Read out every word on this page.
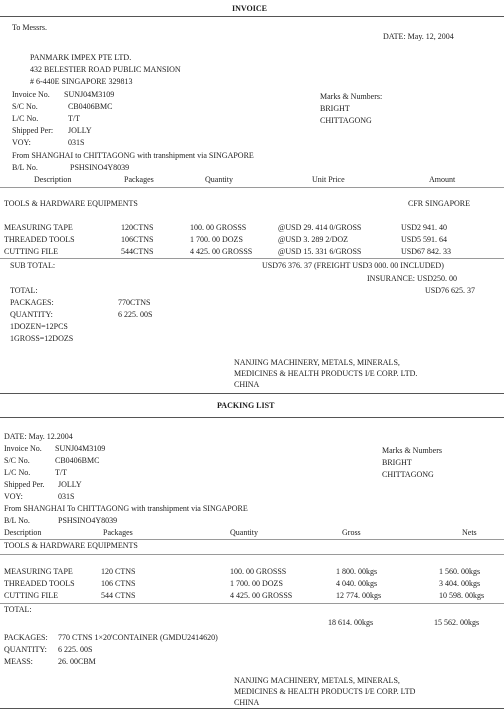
INVOICE
To Messrs.
DATE: May. 12, 2004
PANMARK IMPEX PTE LTD.
432 BELESTIER ROAD PUBLIC MANSION
# 6-440E SINGAPORE 329813
Invoice No. SUNJ04M3109
S/C No.	CB0406BMC
L/C No.	T/T
Shipped Per: JOLLY
VOY:	031S
Marks & Numbers:
BRIGHT
CHITTAGONG
From SHANGHAI to CHITTAGONG with transhipment via SINGAPORE
B/L No.	PSHSINO4Y8039
Description	Packages	Quantity	Unit Price	Amount
TOOLS & HARDWARE EQUIPMENTS	CFR SINGAPORE
MEASURING TAPE	120CTNS	100. 00 GROSSS	@USD 29. 414 0/GROSS	USD2 941. 40
THREADED TOOLS	106CTNS	1 700. 00 DOZS	@USD 3. 289 2/DOZ	USD5 591. 64
CUTTING FILE	544CTNS	4 425. 00 GROSSS	@USD 15. 331 6/GROSS	USD67 842. 33
SUB TOTAL:	USD76 376. 37 (FREIGHT USD3 000. 00 INCLUDED)
INSURANCE: USD250. 00
TOTAL:	USD76 625. 37
PACKAGES:	770CTNS
QUANTITY:	6 225. 00S
1DOZEN=12PCS
1GROSS=12DOZS
NANJING MACHINERY, METALS, MINERALS,
MEDICINES & HEALTH PRODUCTS I/E CORP. LTD.
CHINA
PACKING LIST
DATE: May. 12.2004
Invoice No. SUNJ04M3109
S/C No.	CB0406BMC
L/C No.	T/T
Shipped Per. JOLLY
VOY:	031S
Marks & Numbers
BRIGHT
CHITTAGONG
From SHANGHAI To CHITTAGONG with transhipment via SINGAPORE
B/L No.	PSHSINO4Y8039
Description	Packages	Quantity	Gross	Nets
TOOLS & HARDWARE EQUIPMENTS
MEASURING TAPE	120 CTNS	100. 00 GROSSS	1 800. 00kgs	1 560. 00kgs
THREADED TOOLS	106 CTNS	1 700. 00 DOZS	4 040. 00kgs	3 404. 00kgs
CUTTING FILE	544 CTNS	4 425. 00 GROSSS	12 774. 00kgs	10 598. 00kgs
TOTAL:
18 614. 00kgs	15 562. 00kgs
PACKAGES: 770 CTNS 1×20'CONTAINER (GMDU2414620)
QUANTITY: 6 225. 00S
MEASS:	26. 00CBM
NANJING MACHINERY, METALS, MINERALS,
MEDICINES & HEALTH PRODUCTS I/E CORP. LTD
CHINA
